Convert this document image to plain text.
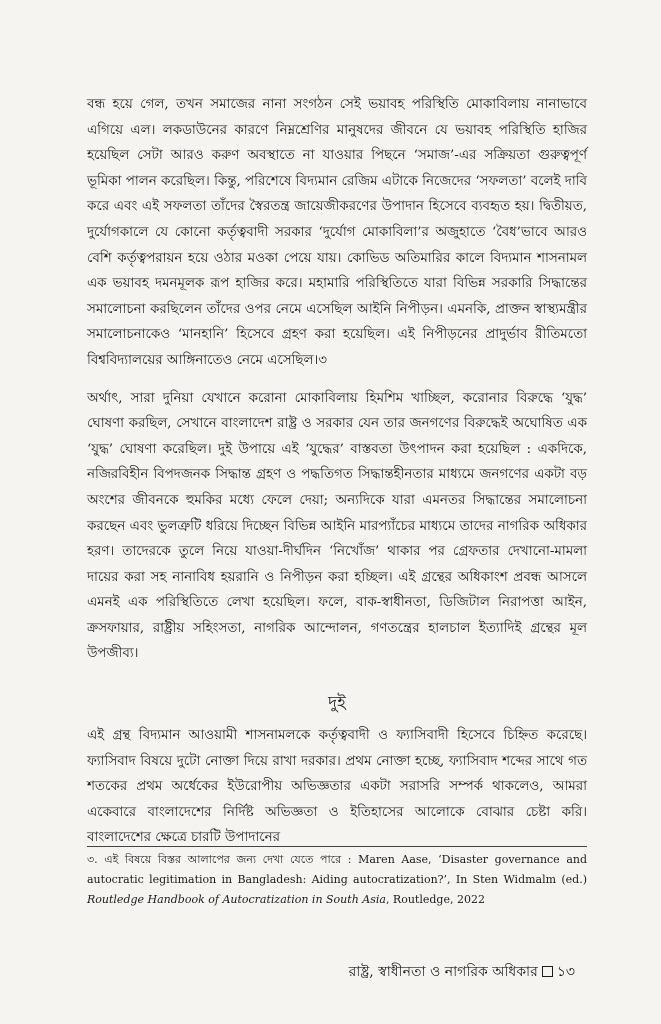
বন্ধ হয়ে গেল, তখন সমাজের নানা সংগঠন সেই ভয়াবহ পরিস্থিতি মোকাবিলায় নানাভাবে এগিয়ে এল। লকডাউনের কারণে নিম্নশ্রেণির মানুষদের জীবনে যে ভয়াবহ পরিস্থিতি হাজির হয়েছিল সেটা আরও করুণ অবস্থাতে না যাওয়ার পিছনে ‘সমাজ’-এর সক্রিয়তা গুরুত্বপূর্ণ ভূমিকা পালন করেছিল। কিন্তু, পরিশেষে বিদ্যমান রেজিম এটাকে নিজেদের ‘সফলতা’ বলেই দাবি করে এবং এই সফলতা তাঁদের স্বৈরতন্ত্র জায়েজীকরণের উপাদান হিসেবে ব্যবহৃত হয়। দ্বিতীয়ত, দুর্যোগকালে যে কোনো কর্তৃত্ববাদী সরকার ‘দুর্যোগ মোকাবিলা’র অজুহাতে ‘বৈধ’ভাবে আরও বেশি কর্তৃত্বপরায়ন হয়ে ওঠার মওকা পেয়ে যায়। কোভিড অতিমারির কালে বিদ্যমান শাসনামল এক ভয়াবহ দমনমূলক রূপ হাজির করে। মহামারি পরিস্থিতিতে যারা বিভিন্ন সরকারি সিদ্ধান্তের সমালোচনা করছিলেন তাঁদের ওপর নেমে এসেছিল আইনি নিপীড়ন। এমনকি, প্রাক্তন স্বাস্থ্যমন্ত্রীর সমালোচনাকেও ‘মানহানি’ হিসেবে গ্রহণ করা হয়েছিল। এই নিপীড়নের প্রাদুর্ভাব রীতিমতো বিশ্ববিদ্যালয়ের আঙ্গিনাতেও নেমে এসেছিল।৩

অর্থাৎ, সারা দুনিয়া যেখানে করোনা মোকাবিলায় হিমশিম খাচ্ছিল, করোনার বিরুদ্ধে ‘যুদ্ধ’ ঘোষণা করছিল, সেখানে বাংলাদেশ রাষ্ট্র ও সরকার যেন তার জনগণের বিরুদ্ধেই অঘোষিত এক ‘যুদ্ধ’ ঘোষণা করেছিল। দুই উপায়ে এই ‘যুদ্ধের’ বাস্তবতা উৎপাদন করা হয়েছিল : একদিকে, নজিরবিহীন বিপদজনক সিদ্ধান্ত গ্রহণ ও পদ্ধতিগত সিদ্ধান্তহীনতার মাধ্যমে জনগণের একটা বড় অংশের জীবনকে হুমকির মধ্যে ফেলে দেয়া; অন্যদিকে যারা এমনতর সিদ্ধান্তের সমালোচনা করছেন এবং ভুলত্রুটি ধরিয়ে দিচ্ছেন বিভিন্ন আইনি মারপ্যাঁচের মাধ্যমে তাদের নাগরিক অধিকার হরণ। তাদেরকে তুলে নিয়ে যাওয়া-দীর্ঘদিন ‘নিখোঁজ’ থাকার পর গ্রেফতার দেখানো-মামলা দায়ের করা সহ নানাবিধ হয়রানি ও নিপীড়ন করা হচ্ছিল। এই গ্রন্থের অধিকাংশ প্রবন্ধ আসলে এমনই এক পরিস্থিতিতে লেখা হয়েছিল। ফলে, বাক-স্বাধীনতা, ডিজিটাল নিরাপত্তা আইন, ক্রসফায়ার, রাষ্ট্রীয় সহিংসতা, নাগরিক আন্দোলন, গণতন্ত্রের হালচাল ইত্যাদিই গ্রন্থের মূল উপজীব্য।

দুই

এই গ্রন্থ বিদ্যমান আওয়ামী শাসনামলকে কর্তৃত্ববাদী ও ফ্যাসিবাদী হিসেবে চিহ্নিত করেছে। ফ্যাসিবাদ বিষয়ে দুটো নোক্তা দিয়ে রাখা দরকার। প্রথম নোক্তা হচ্ছে, ফ্যাসিবাদ শব্দের সাথে গত শতকের প্রথম অর্ধেকের ইউরোপীয় অভিজ্ঞতার একটা সরাসরি সম্পর্ক থাকলেও, আমরা একেবারে বাংলাদেশের নির্দিষ্ট অভিজ্ঞতা ও ইতিহাসের আলোকে বোঝার চেষ্টা করি। বাংলাদেশের ক্ষেত্রে চারটি উপাদানের

৩. এই বিষয়ে বিস্তর আলাপের জন্য দেখা যেতে পারে : Maren Aase, ‘Disaster governance and autocratic legitimation in Bangladesh: Aiding autocratization?’, In Sten Widmalm (ed.) Routledge Handbook of Autocratization in South Asia, Routledge, 2022

রাষ্ট্র, স্বাধীনতা ও নাগরিক অধিকার ১৩
